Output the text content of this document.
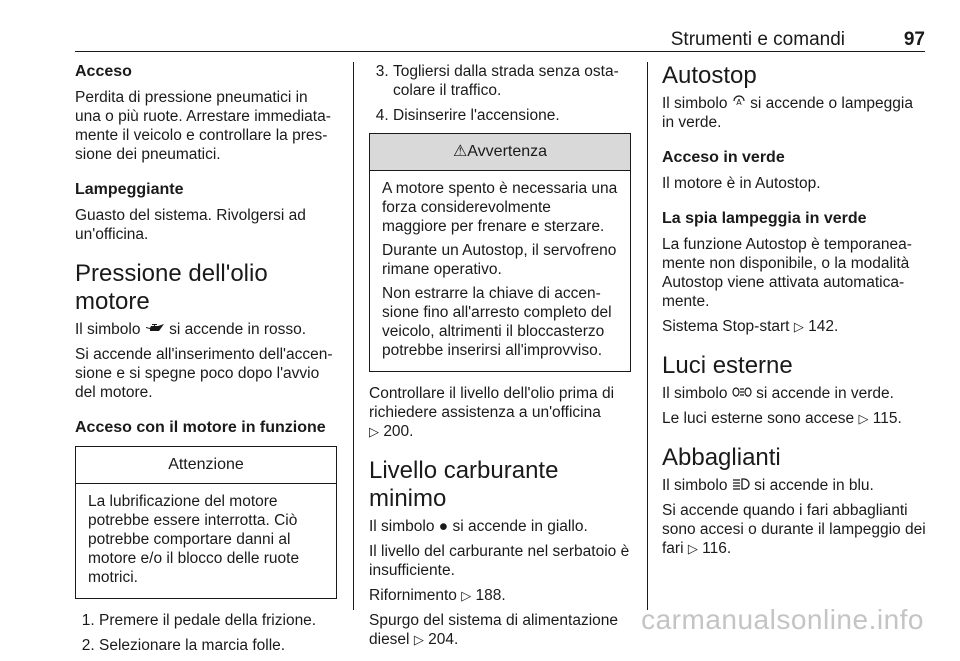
Strumenti e comandi	97
Acceso

Perdita di pressione pneumatici in una o più ruote. Arrestare immediata-mente il veicolo e controllare la pres-sione dei pneumatici.

Lampeggiante

Guasto del sistema. Rivolgersi ad un'officina.

Pressione dell'olio motore

Il simbolo si accende in rosso.

Si accende all'inserimento dell'accen-sione e si spegne poco dopo l'avvio del motore.

Acceso con il motore in funzione
Attenzione

La lubrificazione del motore potrebbe essere interrotta. Ciò potrebbe comportare danni al motore e/o il blocco delle ruote motrici.

1. Premere il pedale della frizione.
2. Selezionare la marcia folle.
3. Togliersi dalla strada senza osta-colare il traffico.
4. Disinserire l'accensione.
⚠Avvertenza

A motore spento è necessaria una forza considerevolmente maggiore per frenare e sterzare.

Durante un Autostop, il servofreno rimane operativo.

Non estrarre la chiave di accen-sione fino all'arresto completo del veicolo, altrimenti il bloccasterzo potrebbe inserirsi all'improvviso.

Controllare il livello dell'olio prima di richiedere assistenza a un'officina
▷ 200.

Livello carburante minimo

Il simbolo ● si accende in giallo.

Il livello del carburante nel serbatoio è insufficiente.

Rifornimento ▷ 188.

Spurgo del sistema di alimentazione diesel ▷ 204.

Autostop

Il simbolo A si accende o lampeggia in verde.

Acceso in verde

Il motore è in Autostop.

La spia lampeggia in verde

La funzione Autostop è temporanea-mente non disponibile, o la modalità Autostop viene attivata automatica-mente.

Sistema Stop-start ▷ 142.

Luci esterne

Il simbolo si accende in verde.

Le luci esterne sono accese ▷ 115.

Abbaglianti

Il simbolo si accende in blu.

Si accende quando i fari abbaglianti sono accesi o durante il lampeggio dei fari ▷ 116.

carmanualsonline.info
